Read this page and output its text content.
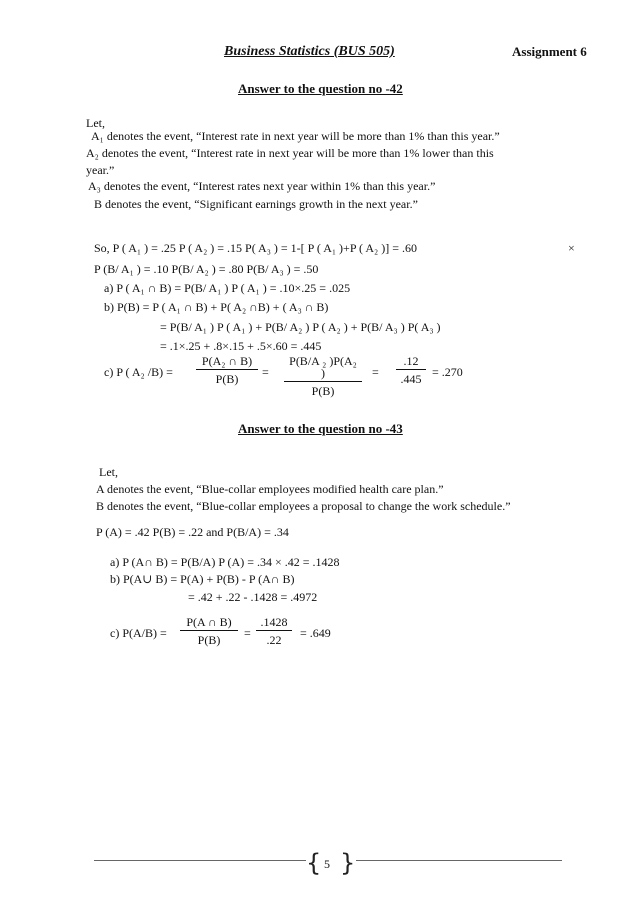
Business Statistics (BUS 505)	Assignment 6
Answer to the question no -42
Let,
A₁ denotes the event, “Interest rate in next year will be more than 1% than this year.”
A₂ denotes the event, “Interest rate in next year will be more than 1% lower than this
year.”
A₃ denotes the event, “Interest rates next year within 1% than this year.”
B denotes the event, “Significant earnings growth in the next year.”
So, P ( A₁ ) = .25 P ( A₂ ) = .15 P( A₃ ) = 1-[ P ( A₁ )+P ( A₂ )] = .60	×
P (B/ A₁ ) = .10 P(B/ A₂ ) = .80 P(B/ A₃ ) = .50
a) P ( A₁ ∩ B) = P(B/ A₁ ) P ( A₁ ) = .10×.25 = .025
b) P(B) = P ( A₁ ∩ B) + P( A₂ ∩B) + ( A₃ ∩ B)
= P(B/ A₁ ) P ( A₁ ) + P(B/ A₂ ) P ( A₂ ) + P(B/ A₃ ) P( A₃ )
= .1×.25 + .8×.15 + .5×.60 = .445
c) P ( A₂ $/B) = \frac{\text{P(A₂ ∩ B)}}{P(B)} = \frac{\text{P(B/A ₂ )P(A₂ )}}{P(B)} = \frac{.12}{.445} = .270$
Answer to the question no -43
Let,
A denotes the event, “Blue-collar employees modified health care plan.”
B denotes the event, “Blue-collar employees a proposal to change the work schedule.”
P (A) = .42 P(B) = .22 and P(B/A) = .34
a) P (A∩ B) = P(B/A) P (A) = .34 × .42 = .1428
b) P(A∪ B) = P(A) + P(B) - P (A∩ B)
= .42 + .22 - .1428 = .4972
c) $P(A/B) = \frac{P(A \cap B)}{P(B)} = \frac{.1428}{.22} = .649$
{ }
5
